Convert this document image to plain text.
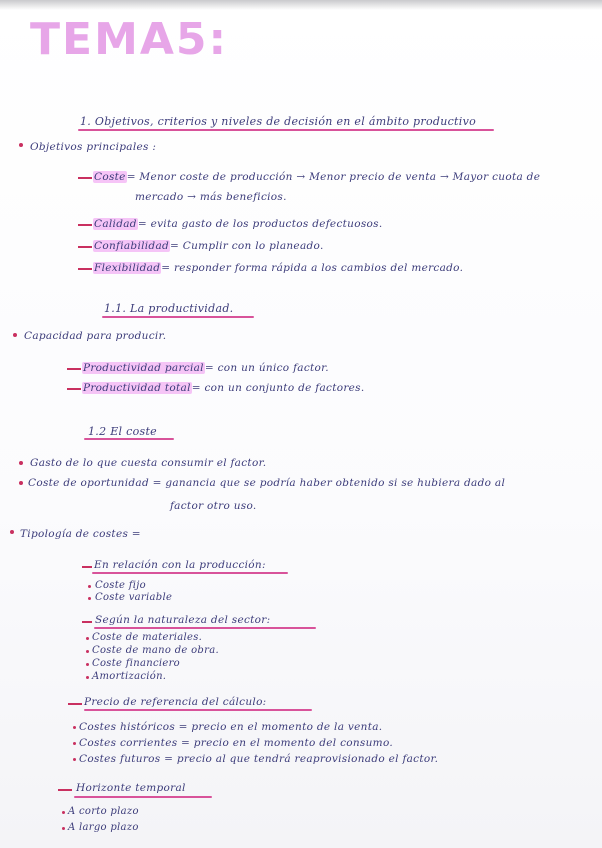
TEMA5:
1. Objetivos, criterios y niveles de decisión en el ámbito productivo
Objetivos principales :
Coste= Menor coste de producción → Menor precio de venta → Mayor cuota de
mercado → más beneficios.
Calidad= evita gasto de los productos defectuosos.
Confiabilidad= Cumplir con lo planeado.
Flexibilidad= responder forma rápida a los cambios del mercado.
1.1. La productividad.
Capacidad para producir.
Productividad parcial= con un único factor.
Productividad total= con un conjunto de factores.
1.2 El coste
Gasto de lo que cuesta consumir el factor.
Coste de oportunidad = ganancia que se podría haber obtenido si se hubiera dado al
factor otro uso.
Tipología de costes =
En relación con la producción:
Coste fijo
Coste variable
Según la naturaleza del sector:
Coste de materiales.
Coste de mano de obra.
Coste financiero
Amortización.
Precio de referencia del cálculo:
Costes históricos = precio en el momento de la venta.
Costes corrientes = precio en el momento del consumo.
Costes futuros = precio al que tendrá reaprovisionado el factor.
Horizonte temporal
A corto plazo
A largo plazo
